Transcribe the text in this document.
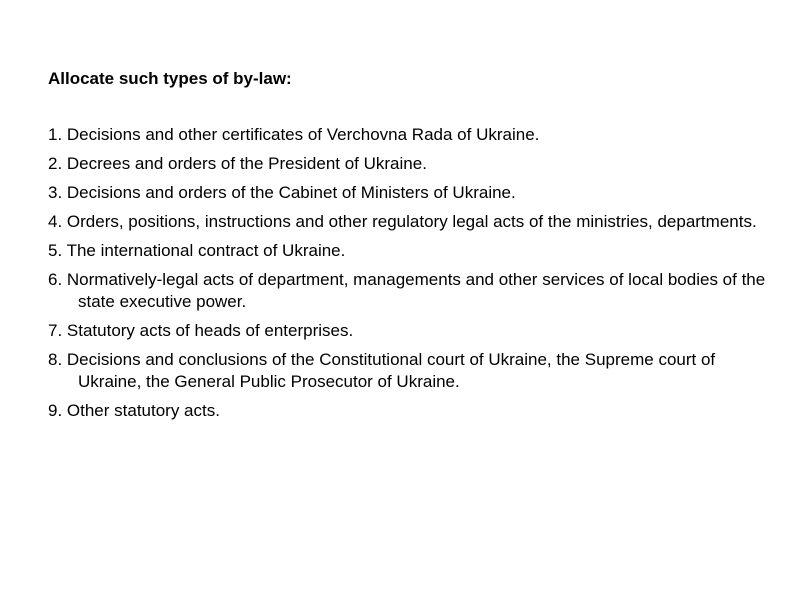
Allocate such types of by-law:
1. Decisions and other certificates of Verchovna Rada of Ukraine.
2. Decrees and orders of the President of Ukraine.
3. Decisions and orders of the Cabinet of Ministers of Ukraine.
4. Orders, positions, instructions and other regulatory legal acts of the ministries, departments.
5. The international contract of Ukraine.
6. Normatively-legal acts of department, managements and other services of local bodies of the state executive power.
7. Statutory acts of heads of enterprises.
8. Decisions and conclusions of the Constitutional court of Ukraine, the Supreme court of Ukraine, the General Public Prosecutor of Ukraine.
9. Other statutory acts.
